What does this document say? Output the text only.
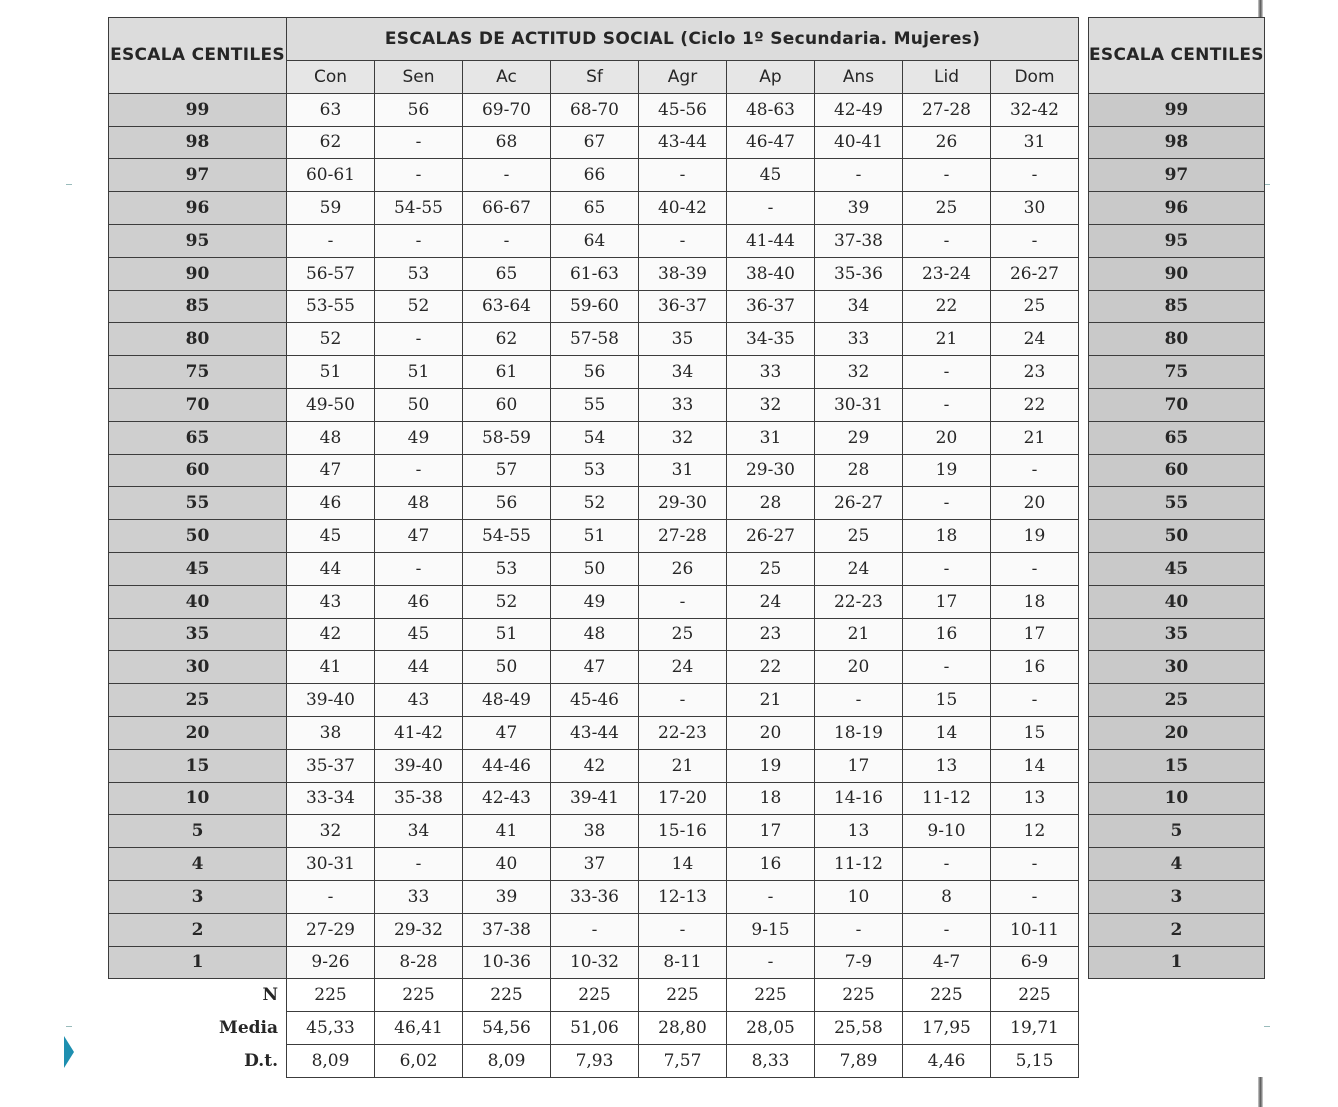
ESCALA CENTILES	ESCALAS DE ACTITUD SOCIAL (Ciclo 1º Secundaria. Mujeres)										ESCALA CENTILES
	Con	Sen	Ac	Sf	Agr	Ap	Ans	Lid	Dom		
99	63	56	69-70	68-70	45-56	48-63	42-49	27-28	32-42		99
98	62	-	68	67	43-44	46-47	40-41	26	31		98
97	60-61	-	-	66	-	45	-	-	-		97
96	59	54-55	66-67	65	40-42	-	39	25	30		96
95	-	-	-	64	-	41-44	37-38	-	-		95
90	56-57	53	65	61-63	38-39	38-40	35-36	23-24	26-27		90
85	53-55	52	63-64	59-60	36-37	36-37	34	22	25		85
80	52	-	62	57-58	35	34-35	33	21	24		80
75	51	51	61	56	34	33	32	-	23		75
70	49-50	50	60	55	33	32	30-31	-	22		70
65	48	49	58-59	54	32	31	29	20	21		65
60	47	-	57	53	31	29-30	28	19	-		60
55	46	48	56	52	29-30	28	26-27	-	20		55
50	45	47	54-55	51	27-28	26-27	25	18	19		50
45	44	-	53	50	26	25	24	-	-		45
40	43	46	52	49	-	24	22-23	17	18		40
35	42	45	51	48	25	23	21	16	17		35
30	41	44	50	47	24	22	20	-	16		30
25	39-40	43	48-49	45-46	-	21	-	15	-		25
20	38	41-42	47	43-44	22-23	20	18-19	14	15		20
15	35-37	39-40	44-46	42	21	19	17	13	14		15
10	33-34	35-38	42-43	39-41	17-20	18	14-16	11-12	13		10
5	32	34	41	38	15-16	17	13	9-10	12		5
4	30-31	-	40	37	14	16	11-12	-	-		4
3	-	33	39	33-36	12-13	-	10	8	-		3
2	27-29	29-32	37-38	-	-	9-15	-	-	10-11		2
1	9-26	8-28	10-36	10-32	8-11	-	7-9	4-7	6-9		1
N	225	225	225	225	225	225	225	225	225		
Media	45,33	46,41	54,56	51,06	28,80	28,05	25,58	17,95	19,71		
D.t.	8,09	6,02	8,09	7,93	7,57	8,33	7,89	4,46	5,15		
